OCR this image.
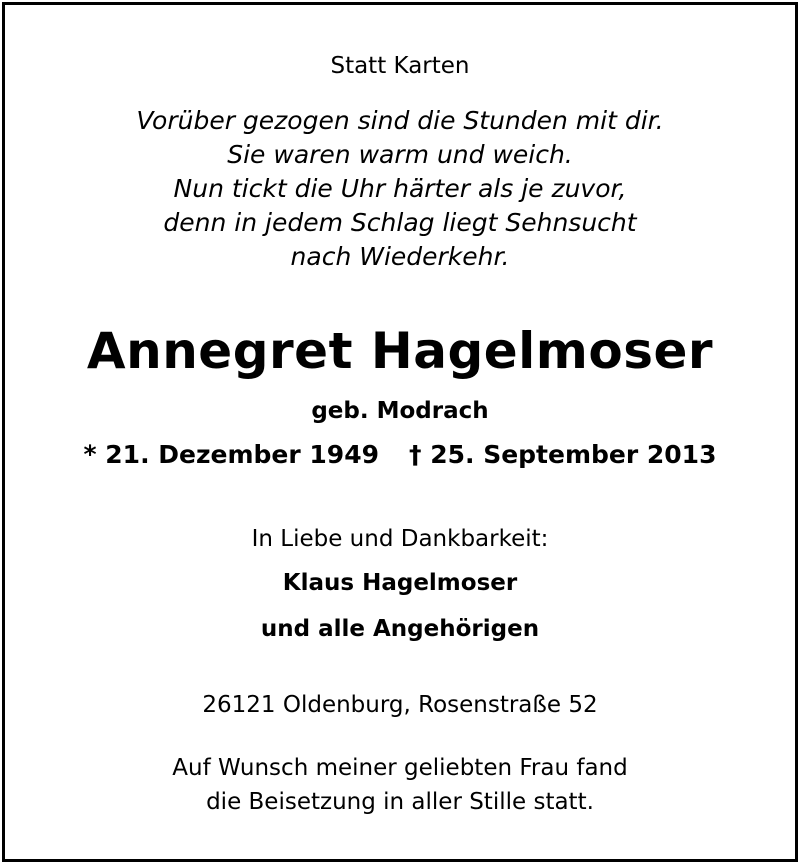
Statt Karten
Vorüber gezogen sind die Stunden mit dir.
Sie waren warm und weich.
Nun tickt die Uhr härter als je zuvor,
denn in jedem Schlag liegt Sehnsucht
nach Wiederkehr.
Annegret Hagelmoser
geb. Modrach
* 21. Dezember 1949 † 25. September 2013
In Liebe und Dankbarkeit:
Klaus Hagelmoser
und alle Angehörigen
26121 Oldenburg, Rosenstraße 52
Auf Wunsch meiner geliebten Frau fand
die Beisetzung in aller Stille statt.
